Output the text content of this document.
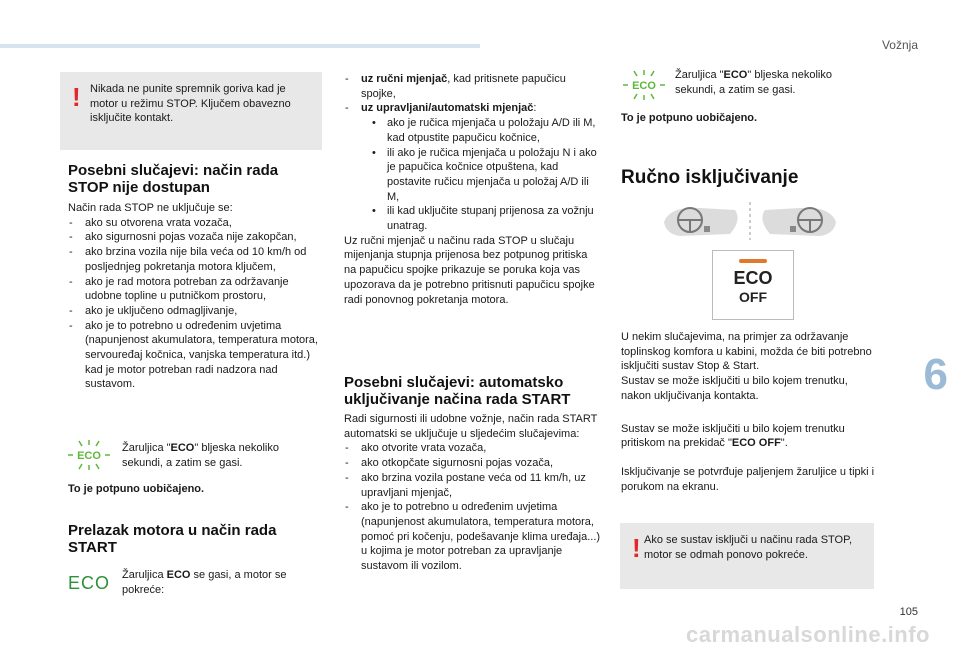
Vožnja
6
105
carmanualsonline.info
! Nikada ne punite spremnik goriva kad je motor u režimu STOP. Ključem obavezno isključite kontakt.
Posebni slučajevi: način rada STOP nije dostupan
Način rada STOP ne uključuje se:
- ako su otvorena vrata vozača,
- ako sigurnosni pojas vozača nije zakopčan,
- ako brzina vozila nije bila veća od 10 km/h od posljednjeg pokretanja motora ključem,
- ako je rad motora potreban za održavanje udobne topline u putničkom prostoru,
- ako je uključeno odmagljivanje,
- ako je to potrebno u određenim uvjetima (napunjenost akumulatora, temperatura motora, servouređaj kočnica, vanjska temperatura itd.) kad je motor potreban radi nadzora nad sustavom.
ECO
Žaruljica "ECO" bljeska nekoliko sekundi, a zatim se gasi.
To je potpuno uobičajeno.
Prelazak motora u način rada START
ECO Žaruljica ECO se gasi, a motor se pokreće:
- uz ručni mjenjač, kad pritisnete papučicu spojke,
- uz upravljani/automatski mjenjač:
• ako je ručica mjenjača u položaju A/D ili M, kad otpustite papučicu kočnice,
• ili ako je ručica mjenjača u položaju N i ako je papučica kočnice otpuštena, kad postavite ručicu mjenjača u položaj A/D ili M,
• ili kad uključite stupanj prijenosa za vožnju unatrag.
Uz ručni mjenjač u načinu rada STOP u slučaju mijenjanja stupnja prijenosa bez potpunog pritiska na papučicu spojke prikazuje se poruka koja vas upozorava da je potrebno pritisnuti papučicu spojke radi ponovnog pokretanja motora.
Posebni slučajevi: automatsko uključivanje načina rada START
Radi sigurnosti ili udobne vožnje, način rada START automatski se uključuje u sljedećim slučajevima:
- ako otvorite vrata vozača,
- ako otkopčate sigurnosni pojas vozača,
- ako brzina vozila postane veća od 11 km/h, uz upravljani mjenjač,
- ako je to potrebno u određenim uvjetima (napunjenost akumulatora, temperatura motora, pomoć pri kočenju, podešavanje klima uređaja...) u kojima je motor potreban za upravljanje sustavom ili vozilom.
ECO
Žaruljica "ECO" bljeska nekoliko sekundi, a zatim se gasi.
To je potpuno uobičajeno.
Ručno isključivanje
ECO
OFF
U nekim slučajevima, na primjer za održavanje toplinskog komfora u kabini, možda će biti potrebno isključiti sustav Stop & Start.
Sustav se može isključiti u bilo kojem trenutku, nakon uključivanja kontakta.
Sustav se može isključiti u bilo kojem trenutku pritiskom na prekidač "ECO OFF".
Isključivanje se potvrđuje paljenjem žaruljice u tipki i porukom na ekranu.
! Ako se sustav isključi u načinu rada STOP, motor se odmah ponovo pokreće.
